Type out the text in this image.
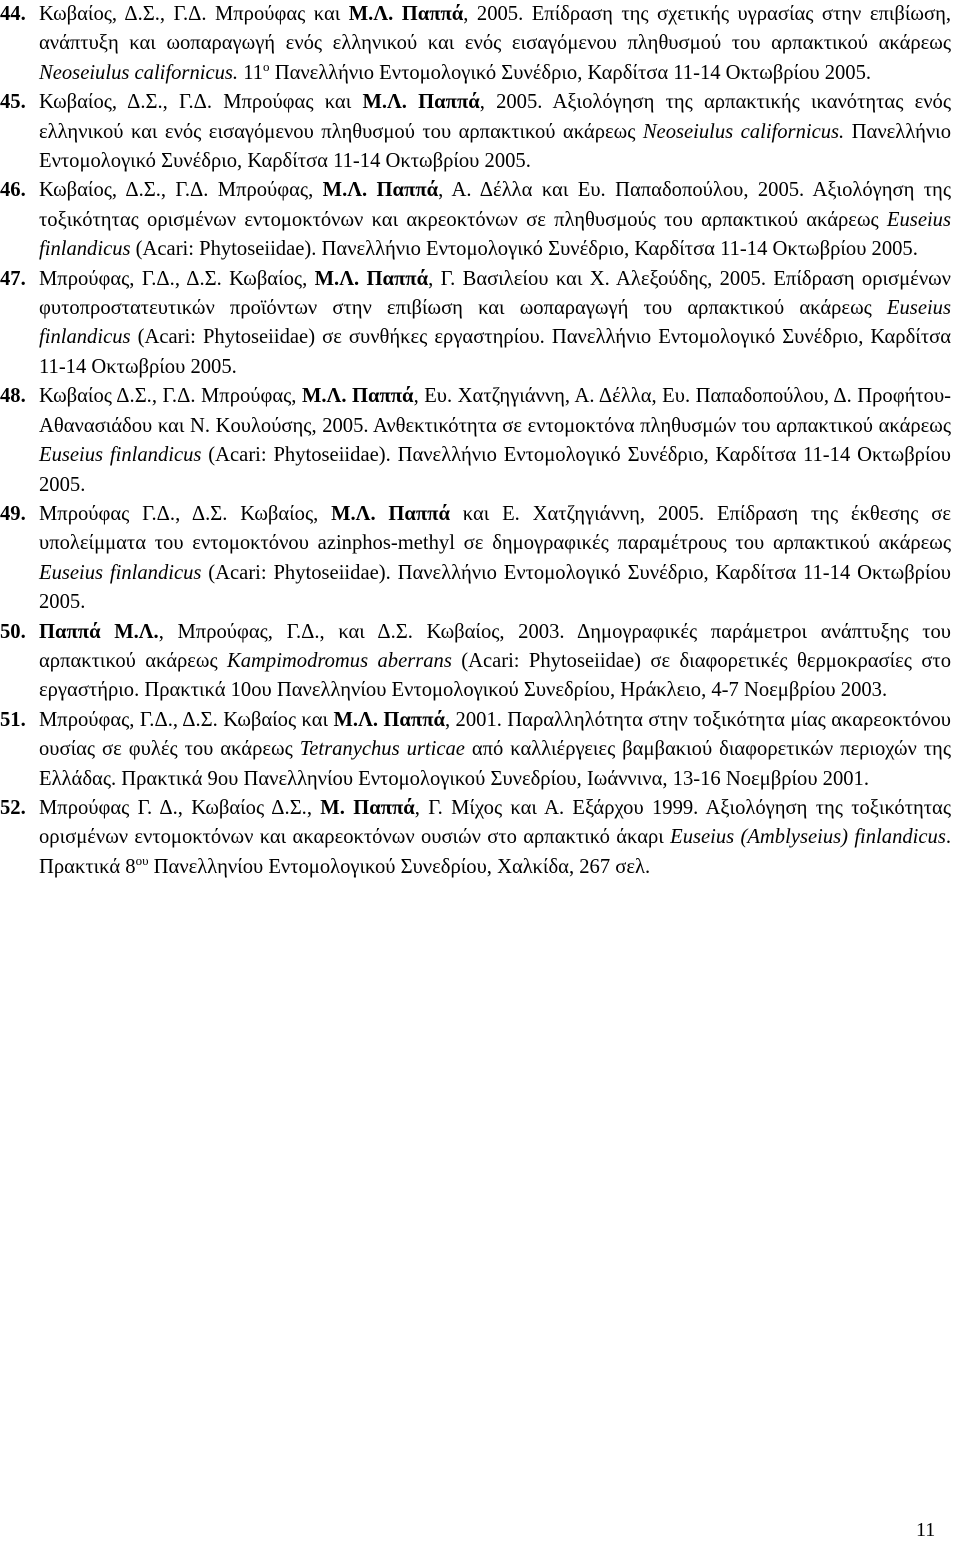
44. Κωβαίος, Δ.Σ., Γ.Δ. Μπρούφας και Μ.Λ. Παππά, 2005. Επίδραση της σχετικής υγρασίας στην επιβίωση, ανάπτυξη και ωοπαραγωγή ενός ελληνικού και ενός εισαγόμενου πληθυσμού του αρπακτικού ακάρεως Neoseiulus californicus. $11^o$ Πανελλήνιο Εντομολογικό Συνέδριο, Καρδίτσα 11-14 Οκτωβρίου 2005.
45. Κωβαίος, Δ.Σ., Γ.Δ. Μπρούφας και Μ.Λ. Παππά, 2005. Αξιολόγηση της αρπακτικής ικανότητας ενός ελληνικού και ενός εισαγόμενου πληθυσμού του αρπακτικού ακάρεως Neoseiulus californicus. Πανελλήνιο Εντομολογικό Συνέδριο, Καρδίτσα 11-14 Οκτωβρίου 2005.
46. Κωβαίος, Δ.Σ., Γ.Δ. Μπρούφας, Μ.Λ. Παππά, Α. Δέλλα και Ευ. Παπαδοπούλου, 2005. Αξιολόγηση της τοξικότητας ορισμένων εντομοκτόνων και ακρεοκτόνων σε πληθυσμούς του αρπακτικού ακάρεως Euseius finlandicus (Acari: Phytoseiidae). Πανελλήνιο Εντομολογικό Συνέδριο, Καρδίτσα 11-14 Οκτωβρίου 2005.
47. Μπρούφας, Γ.Δ., Δ.Σ. Κωβαίος, Μ.Λ. Παππά, Γ. Βασιλείου και Χ. Αλεξούδης, 2005. Επίδραση ορισμένων φυτοπροστατευτικών προϊόντων στην επιβίωση και ωοπαραγωγή του αρπακτικού ακάρεως Euseius finlandicus (Acari: Phytoseiidae) σε συνθήκες εργαστηρίου. Πανελλήνιο Εντομολογικό Συνέδριο, Καρδίτσα 11-14 Οκτωβρίου 2005.
48. Κωβαίος Δ.Σ., Γ.Δ. Μπρούφας, Μ.Λ. Παππά, Ευ. Χατζηγιάννη, Α. Δέλλα, Ευ. Παπαδοπούλου, Δ. Προφήτου-Αθανασιάδου και Ν. Κουλούσης, 2005. Ανθεκτικότητα σε εντομοκτόνα πληθυσμών του αρπακτικού ακάρεως Euseius finlandicus (Acari: Phytoseiidae). Πανελλήνιο Εντομολογικό Συνέδριο, Καρδίτσα 11-14 Οκτωβρίου 2005.
49. Μπρούφας Γ.Δ., Δ.Σ. Κωβαίος, Μ.Λ. Παππά και Ε. Χατζηγιάννη, 2005. Επίδραση της έκθεσης σε υπολείμματα του εντομοκτόνου azinphos-methyl σε δημογραφικές παραμέτρους του αρπακτικού ακάρεως Euseius finlandicus (Acari: Phytoseiidae). Πανελλήνιο Εντομολογικό Συνέδριο, Καρδίτσα 11-14 Οκτωβρίου 2005.
50. Παππά Μ.Λ., Μπρούφας, Γ.Δ., και Δ.Σ. Κωβαίος, 2003. Δημογραφικές παράμετροι ανάπτυξης του αρπακτικού ακάρεως Kampimodromus aberrans (Acari: Phytoseiidae) σε διαφορετικές θερμοκρασίες στο εργαστήριο. Πρακτικά 10ου Πανελληνίου Εντομολογικού Συνεδρίου, Ηράκλειο, 4-7 Νοεμβρίου 2003.
51. Μπρούφας, Γ.Δ., Δ.Σ. Κωβαίος και Μ.Λ. Παππά, 2001. Παραλληλότητα στην τοξικότητα μίας ακαρεοκτόνου ουσίας σε φυλές του ακάρεως Tetranychus urticae από καλλιέργειες βαμβακιού διαφορετικών περιοχών της Ελλάδας. Πρακτικά 9ου Πανελληνίου Εντομολογικού Συνεδρίου, Ιωάννινα, 13-16 Νοεμβρίου 2001.
52. Μπρούφας Γ. Δ., Κωβαίος Δ.Σ., Μ. Παππά, Γ. Μίχος και Α. Εξάρχου 1999. Αξιολόγηση της τοξικότητας ορισμένων εντομοκτόνων και ακαρεοκτόνων ουσιών στο αρπακτικό άκαρι Euseius (Amblyseius) finlandicus. Πρακτικά $8^{o\upsilon}$ Πανελληνίου Εντομολογικού Συνεδρίου, Χαλκίδα, 267 σελ.
11
